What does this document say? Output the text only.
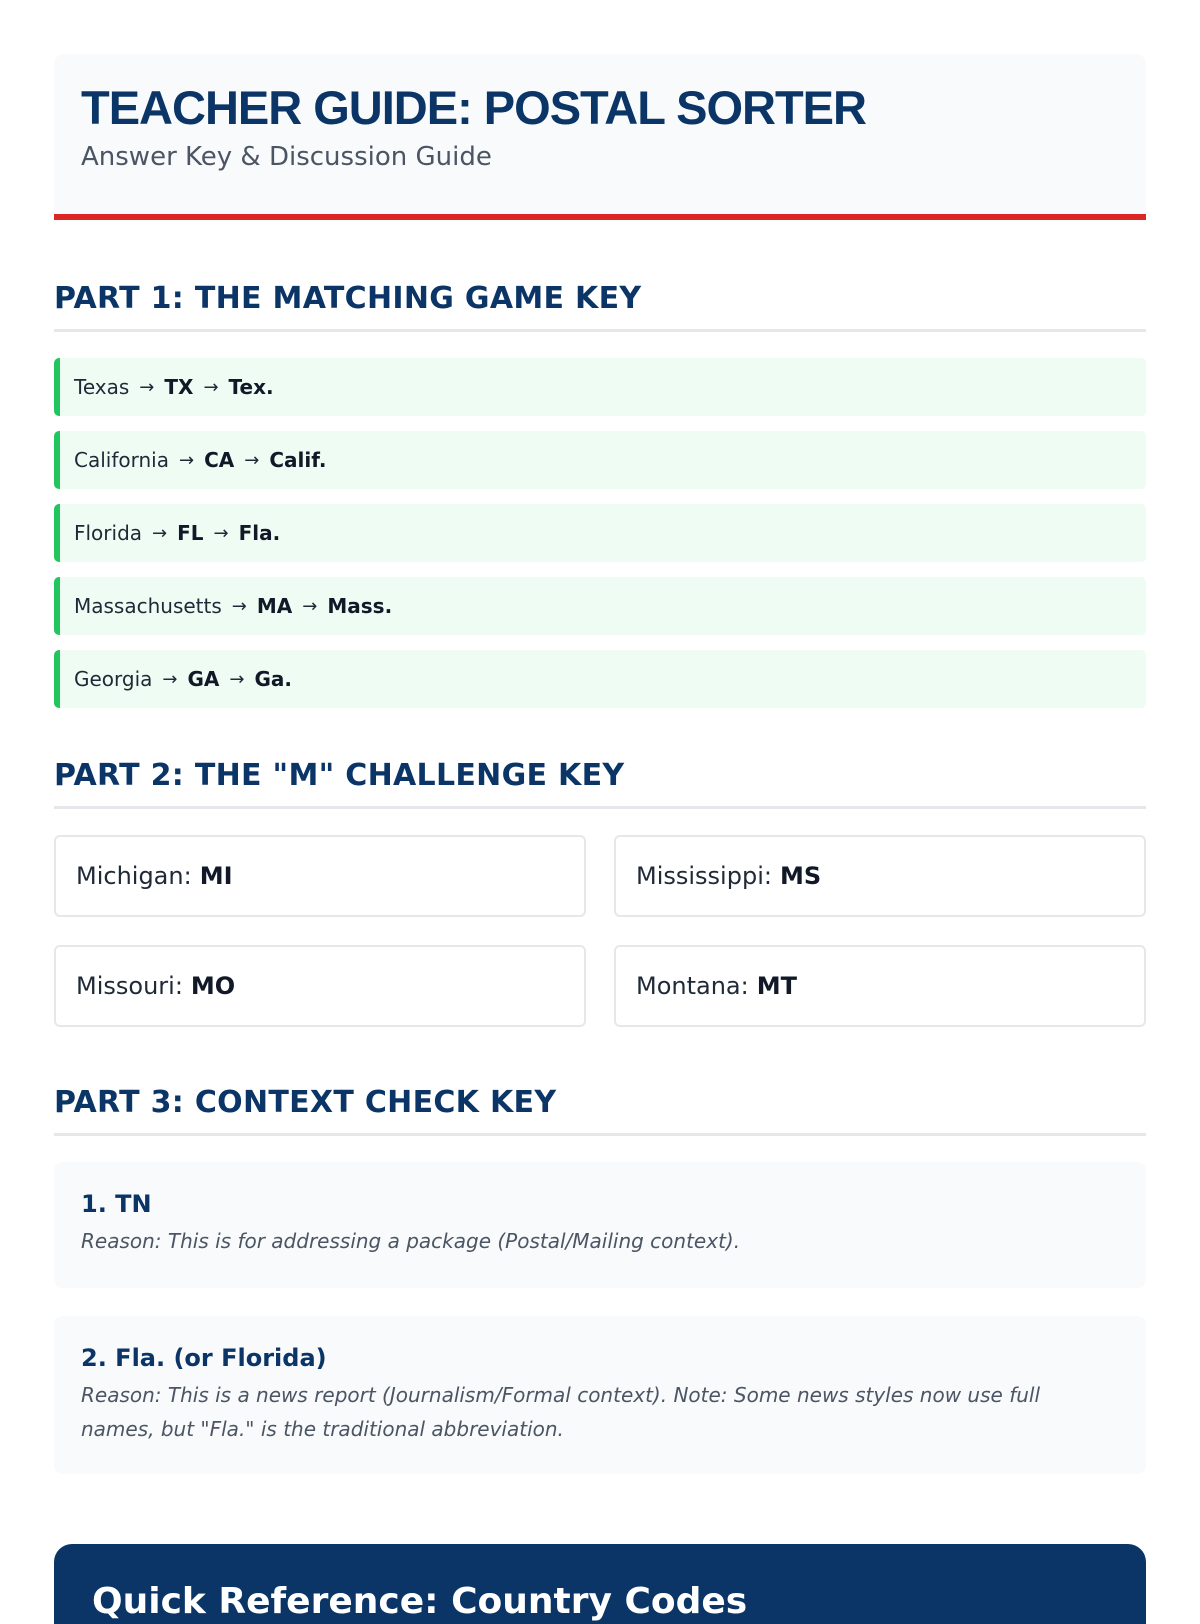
TEACHER GUIDE: POSTAL SORTER
Answer Key & Discussion Guide
PART 1: THE MATCHING GAME KEY
Texas → TX → Tex.
California → CA → Calif.
Florida → FL → Fla.
Massachusetts → MA → Mass.
Georgia → GA → Ga.
PART 2: THE "M" CHALLENGE KEY
Michigan: MI	Mississippi: MS
Missouri: MO	Montana: MT
PART 3: CONTEXT CHECK KEY
1. TN
Reason: This is for addressing a package (Postal/Mailing context).
2. Fla. (or Florida)
Reason: This is a news report (Journalism/Formal context). Note: Some news styles now use full names, but "Fla." is the traditional abbreviation.
Quick Reference: Country Codes
